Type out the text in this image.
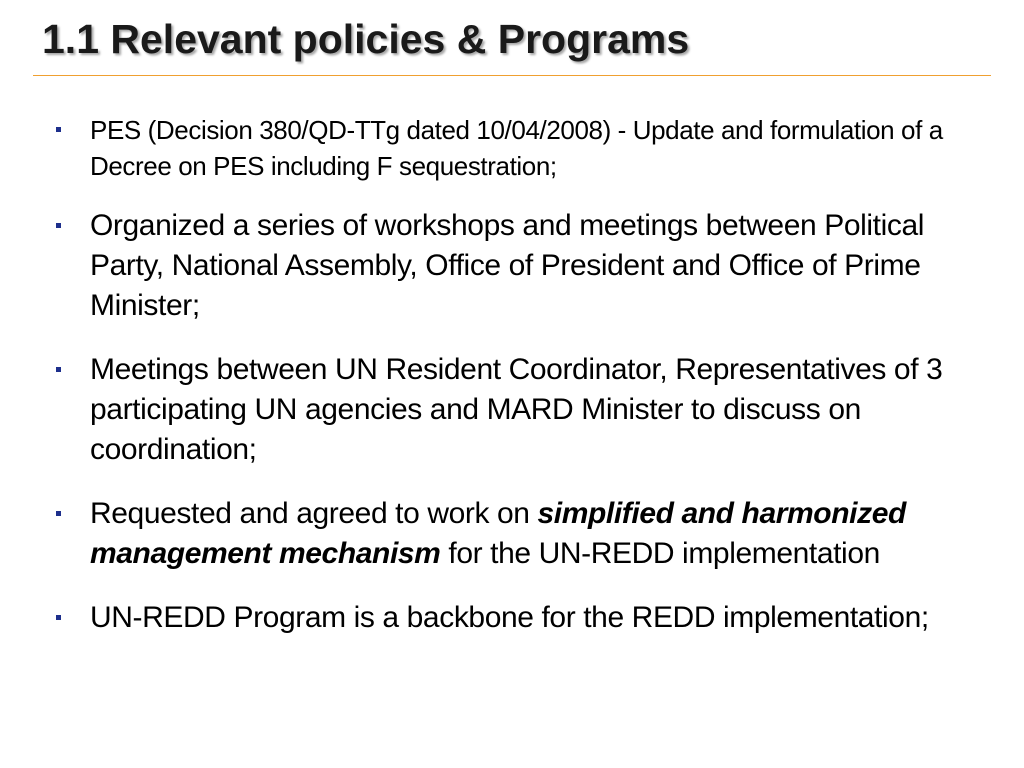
1.1 Relevant policies & Programs
PES (Decision 380/QD-TTg dated 10/04/2008) - Update and formulation of a Decree on PES including F sequestration;
Organized a series of workshops and meetings between Political Party, National Assembly, Office of President and Office of Prime Minister;
Meetings between UN Resident Coordinator, Representatives of 3 participating UN agencies and MARD Minister to discuss on coordination;
Requested and agreed to work on simplified and harmonized management mechanism for the UN-REDD implementation
UN-REDD Program is a backbone for the REDD implementation;
